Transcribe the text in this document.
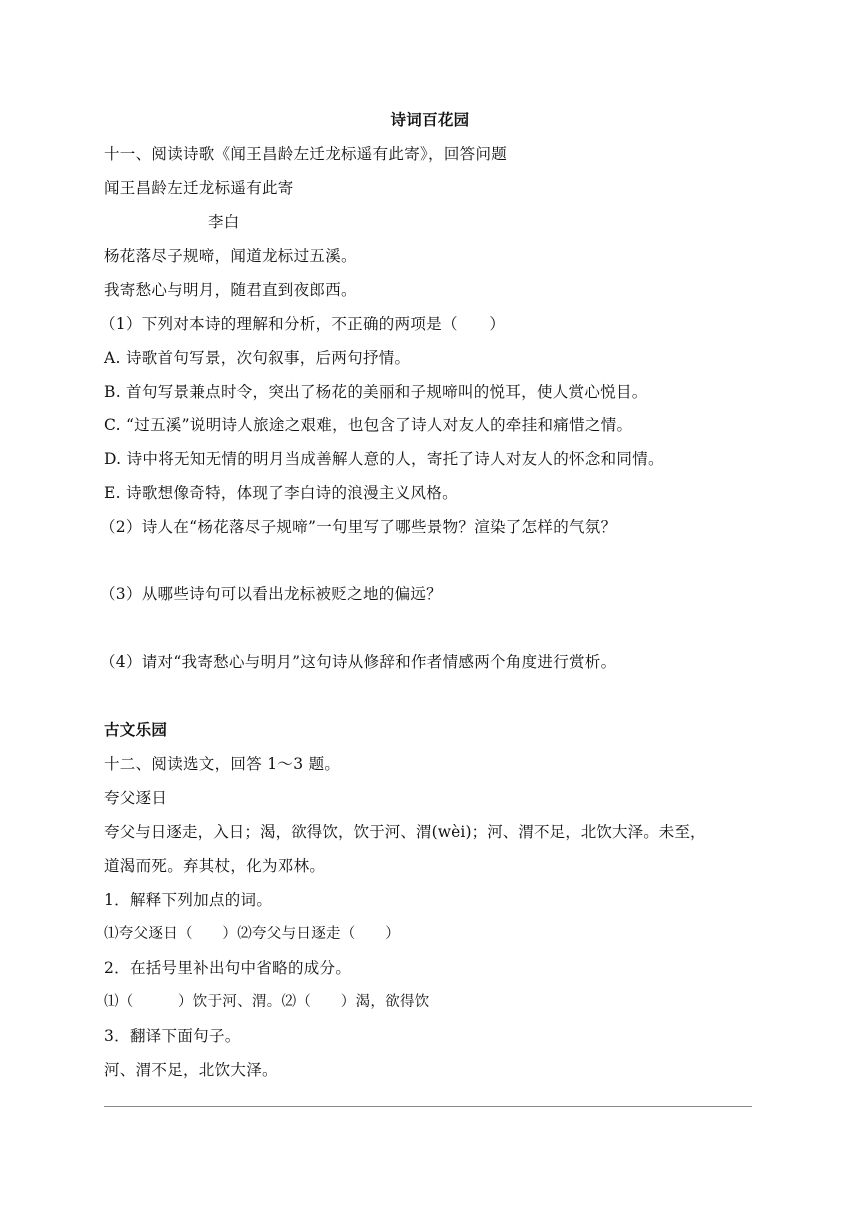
诗词百花园
十一、阅读诗歌《闻王昌龄左迁龙标遥有此寄》，回答问题
闻王昌龄左迁龙标遥有此寄
李白
杨花落尽子规啼，闻道龙标过五溪。
我寄愁心与明月，随君直到夜郎西。
（1）下列对本诗的理解和分析，不正确的两项是（　　）
A. 诗歌首句写景，次句叙事，后两句抒情。
B. 首句写景兼点时令，突出了杨花的美丽和子规啼叫的悦耳，使人赏心悦目。
C. “过五溪”说明诗人旅途之艰难，也包含了诗人对友人的牵挂和痛惜之情。
D. 诗中将无知无情的明月当成善解人意的人，寄托了诗人对友人的怀念和同情。
E. 诗歌想像奇特，体现了李白诗的浪漫主义风格。
（2）诗人在“杨花落尽子规啼”一句里写了哪些景物？渲染了怎样的气氛？
（3）从哪些诗句可以看出龙标被贬之地的偏远？
（4）请对“我寄愁心与明月”这句诗从修辞和作者情感两个角度进行赏析。
古文乐园
十二、阅读选文，回答 1～3 题。
夸父逐日
夸父与日逐走，入日；渴，欲得饮，饮于河、渭(wèi)；河、渭不足，北饮大泽。未至，
道渴而死。弃其杖，化为邓林。
1．解释下列加点的词。
⑴夸父逐日（　　）⑵夸父与日逐走（　　）
2．在括号里补出句中省略的成分。
⑴（　　　）饮于河、渭。⑵（　　）渴，欲得饮
3．翻译下面句子。
河、渭不足，北饮大泽。
